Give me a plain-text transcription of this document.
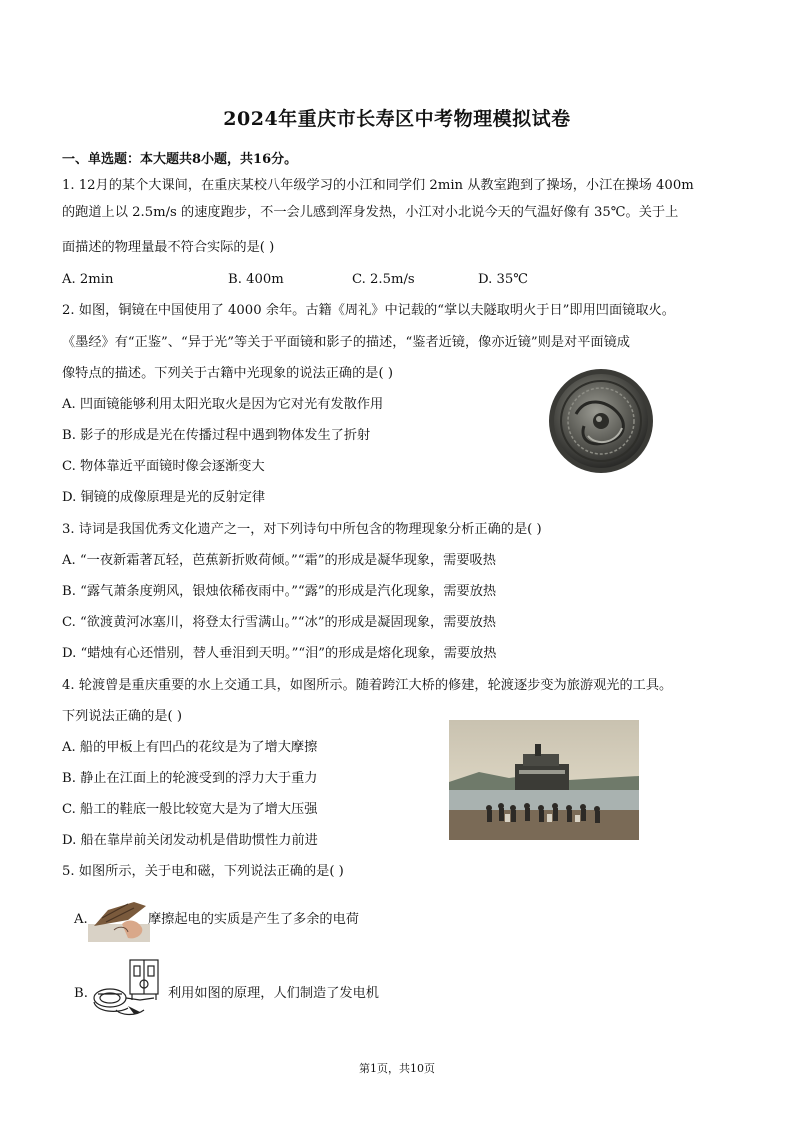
2024年重庆市长寿区中考物理模拟试卷
一、单选题：本大题共8小题，共16分。
1. 12月的某个大课间，在重庆某校八年级学习的小江和同学们 2min 从教室跑到了操场，小江在操场 400m
的跑道上以 2.5m/s 的速度跑步，不一会儿感到浑身发热，小江对小北说今天的气温好像有 35℃。关于上
面描述的物理量最不符合实际的是( )
A. 2min	B. 400m	C. 2.5m/s	D. 35℃
2. 如图，铜镜在中国使用了 4000 余年。古籍《周礼》中记载的“掌以夫隧取明火于日”即用凹面镜取火。
《墨经》有“正鉴”、“异于光”等关于平面镜和影子的描述，“鉴者近镜，像亦近镜”则是对平面镜成
像特点的描述。下列关于古籍中光现象的说法正确的是( )
A. 凹面镜能够利用太阳光取火是因为它对光有发散作用
B. 影子的形成是光在传播过程中遇到物体发生了折射
C. 物体靠近平面镜时像会逐渐变大
D. 铜镜的成像原理是光的反射定律
3. 诗词是我国优秀文化遗产之一，对下列诗句中所包含的物理现象分析正确的是( )
A. “一夜新霜著瓦轻，芭蕉新折败荷倾。”“霜”的形成是凝华现象，需要吸热
B. “露气萧条度朔风，银烛依稀夜雨中。”“露”的形成是汽化现象，需要放热
C. “欲渡黄河冰塞川，将登太行雪满山。”“冰”的形成是凝固现象，需要放热
D. “蜡烛有心还惜别，替人垂泪到天明。”“泪”的形成是熔化现象，需要放热
4. 轮渡曾是重庆重要的水上交通工具，如图所示。随着跨江大桥的修建，轮渡逐步变为旅游观光的工具。
下列说法正确的是( )
A. 船的甲板上有凹凸的花纹是为了增大摩擦
B. 静止在江面上的轮渡受到的浮力大于重力
C. 船工的鞋底一般比较宽大是为了增大压强
D. 船在靠岸前关闭发动机是借助惯性力前进
5. 如图所示，关于电和磁，下列说法正确的是( )
A.	摩擦起电的实质是产生了多余的电荷
B.	利用如图的原理，人们制造了发电机
第1页，共10页
